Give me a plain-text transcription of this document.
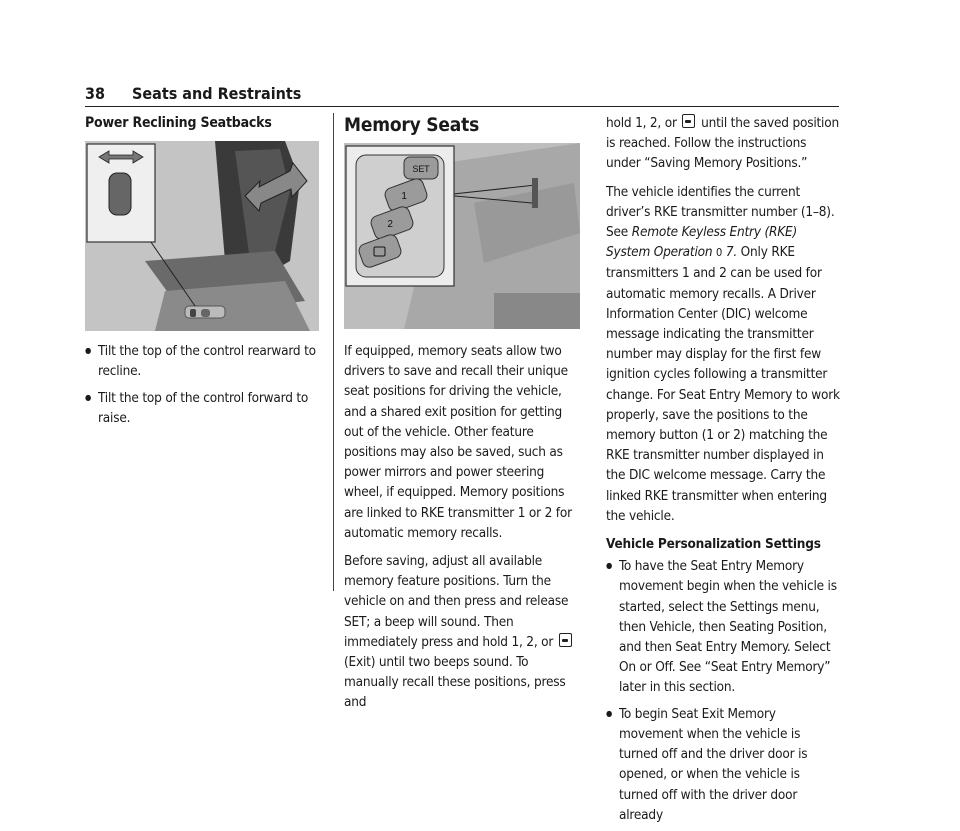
38 Seats and Restraints
Power Reclining Seatbacks
● Tilt the top of the control rearward to recline.
● Tilt the top of the control forward to raise.
Memory Seats
SET
1
2

If equipped, memory seats allow two drivers to save and recall their unique seat positions for driving the vehicle, and a shared exit position for getting out of the vehicle. Other feature positions may also be saved, such as power mirrors and power steering wheel, if equipped. Memory positions are linked to RKE transmitter 1 or 2 for automatic memory recalls.

Before saving, adjust all available memory feature positions. Turn the vehicle on and then press and release SET; a beep will sound. Then immediately press and hold 1, 2, or  (Exit) until two beeps sound. To manually recall these positions, press and

hold 1, 2, or until the saved position is reached. Follow the instructions under “Saving Memory Positions.”

The vehicle identifies the current driver’s RKE transmitter number (1–8). See Remote Keyless Entry (RKE) System Operation 0 7. Only RKE transmitters 1 and 2 can be used for automatic memory recalls. A Driver Information Center (DIC) welcome message indicating the transmitter number may display for the first few ignition cycles following a transmitter change. For Seat Entry Memory to work properly, save the positions to the memory button (1 or 2) matching the RKE transmitter number displayed in the DIC welcome message. Carry the linked RKE transmitter when entering the vehicle.

Vehicle Personalization Settings
● To have the Seat Entry Memory movement begin when the vehicle is started, select the Settings menu, then Vehicle, then Seating Position, and then Seat Entry Memory. Select On or Off. See “Seat Entry Memory” later in this section.
● To begin Seat Exit Memory movement when the vehicle is turned off and the driver door is opened, or when the vehicle is turned off with the driver door already
